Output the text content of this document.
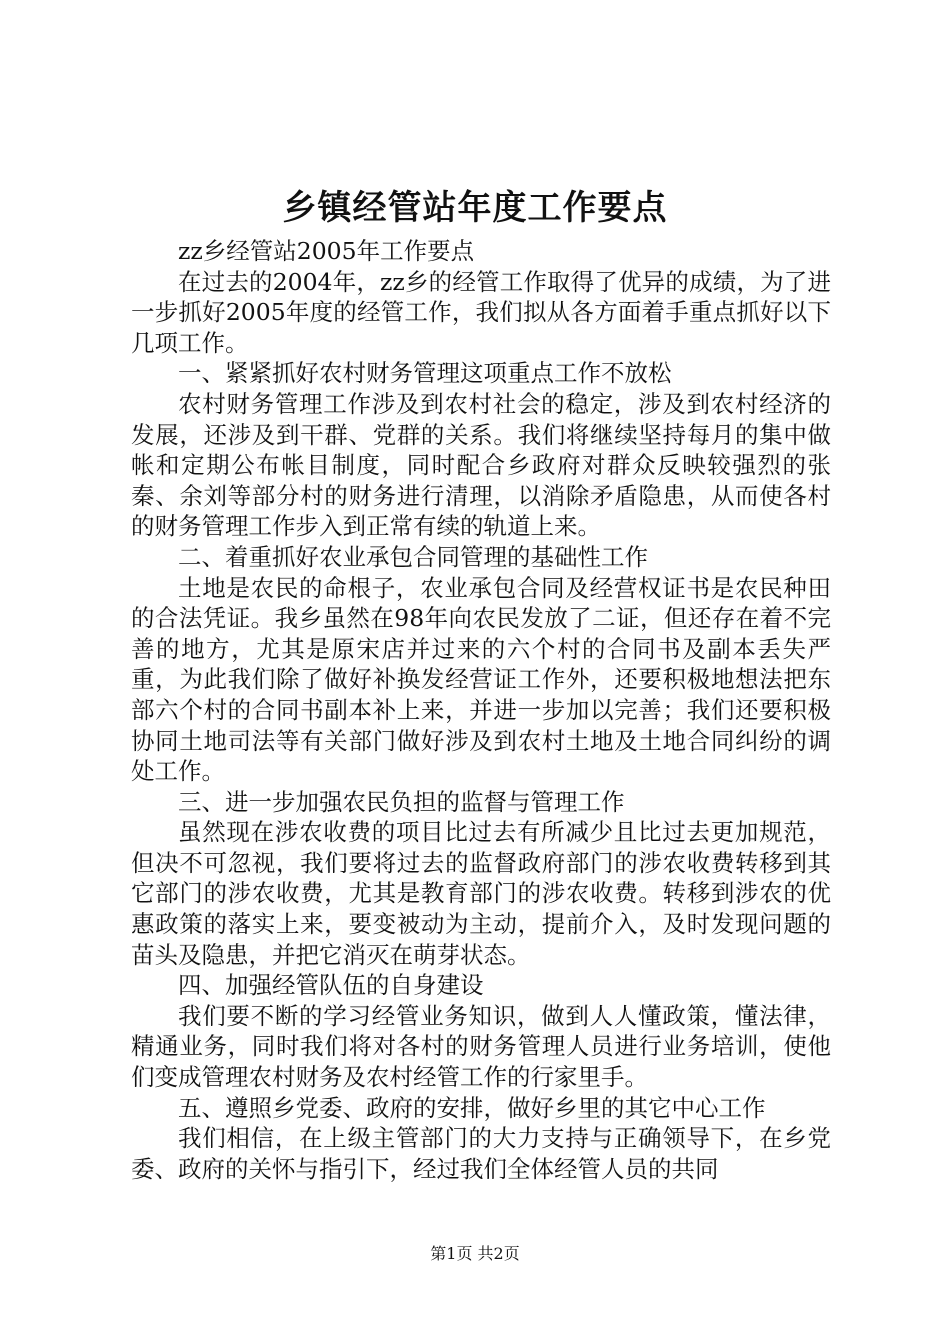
乡镇经管站年度工作要点

zz乡经管站2005年工作要点

在过去的2004年，zz乡的经管工作取得了优异的成绩，为了进一步抓好2005年度的经管工作，我们拟从各方面着手重点抓好以下几项工作。

一、紧紧抓好农村财务管理这项重点工作不放松

农村财务管理工作涉及到农村社会的稳定，涉及到农村经济的发展，还涉及到干群、党群的关系。我们将继续坚持每月的集中做帐和定期公布帐目制度，同时配合乡政府对群众反映较强烈的张秦、余刘等部分村的财务进行清理，以消除矛盾隐患，从而使各村的财务管理工作步入到正常有续的轨道上来。

二、着重抓好农业承包合同管理的基础性工作

土地是农民的命根子，农业承包合同及经营权证书是农民种田的合法凭证。我乡虽然在98年向农民发放了二证，但还存在着不完善的地方，尤其是原宋店并过来的六个村的合同书及副本丢失严重，为此我们除了做好补换发经营证工作外，还要积极地想法把东部六个村的合同书副本补上来，并进一步加以完善；我们还要积极协同土地司法等有关部门做好涉及到农村土地及土地合同纠纷的调处工作。

三、进一步加强农民负担的监督与管理工作

虽然现在涉农收费的项目比过去有所减少且比过去更加规范，但决不可忽视，我们要将过去的监督政府部门的涉农收费转移到其它部门的涉农收费，尤其是教育部门的涉农收费。转移到涉农的优惠政策的落实上来，要变被动为主动，提前介入，及时发现问题的苗头及隐患，并把它消灭在萌芽状态。

四、加强经管队伍的自身建设

我们要不断的学习经管业务知识，做到人人懂政策，懂法律，精通业务，同时我们将对各村的财务管理人员进行业务培训，使他们变成管理农村财务及农村经管工作的行家里手。

五、遵照乡党委、政府的安排，做好乡里的其它中心工作

我们相信，在上级主管部门的大力支持与正确领导下，在乡党委、政府的关怀与指引下，经过我们全体经管人员的共同

第1页 共2页
